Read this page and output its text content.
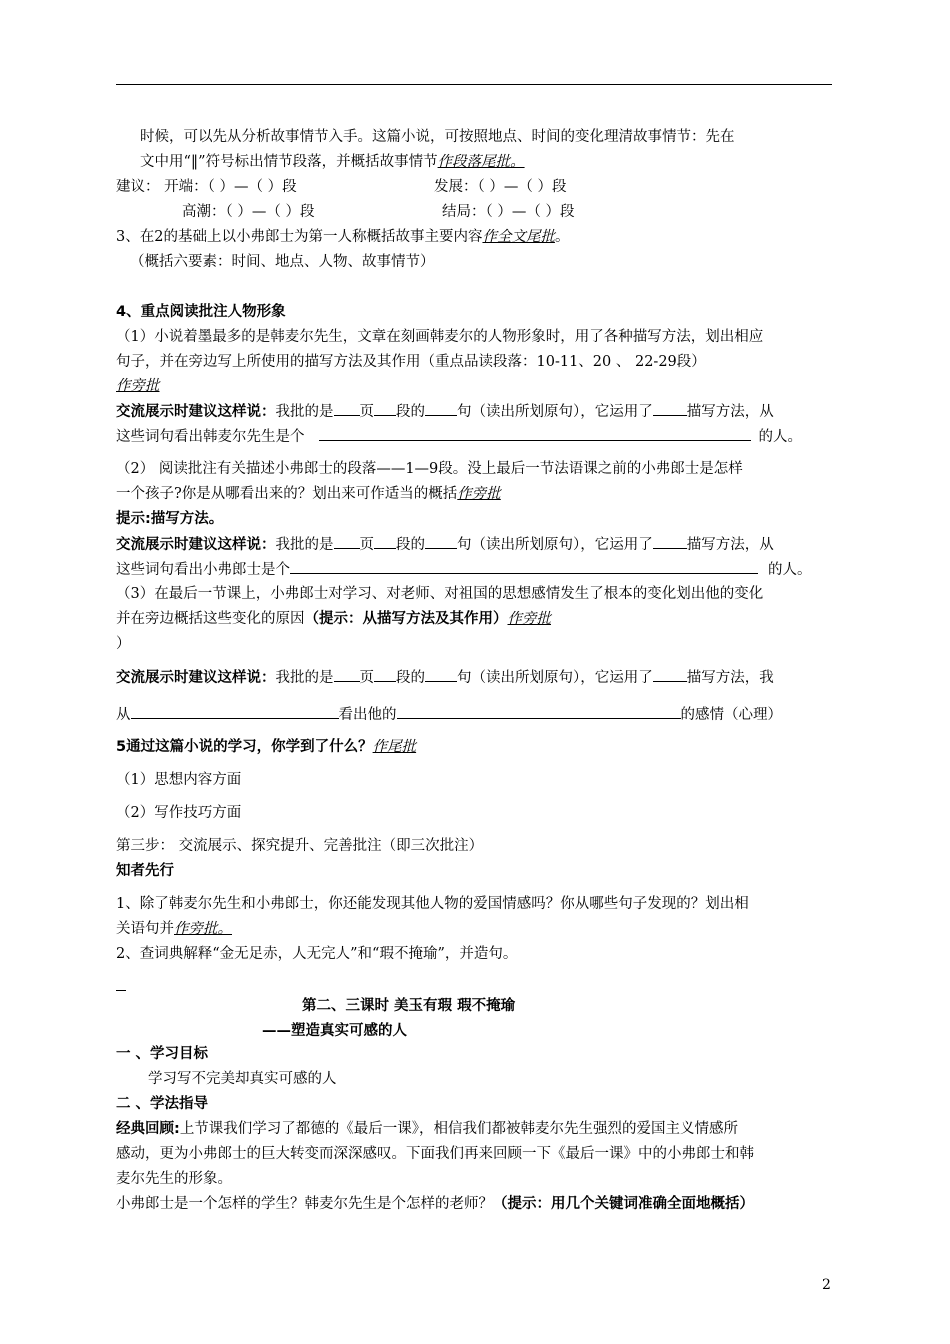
时候，可以先从分析故事情节入手。这篇小说，可按照地点、时间的变化理清故事情节：先在
文中用“‖”符号标出情节段落，并概括故事情节作段落尾批。
建议： 开端：（ ）—（ ）段	发展：（ ）—（ ）段
高潮：（ ）—（ ）段	结局：（ ）—（ ）段
3、在2的基础上以小弗郎士为第一人称概括故事主要内容作全文尾批。
（概括六要素：时间、地点、人物、故事情节）
4、重点阅读批注人物形象
（1）小说着墨最多的是韩麦尔先生，文章在刻画韩麦尔的人物形象时，用了各种描写方法，划出相应
句子，并在旁边写上所使用的描写方法及其作用（重点品读段落：10-11、20 、 22-29段）
作旁批
交流展示时建议这样说：我批的是 页 段的 句（读出所划原句），它运用了 描写方法，从
这些词句看出韩麦尔先生是个	的人。
（2） 阅读批注有关描述小弗郎士的段落——1—9段。没上最后一节法语课之前的小弗郎士是怎样
一个孩子?你是从哪看出来的？划出来可作适当的概括作旁批
提示:描写方法。
交流展示时建议这样说：我批的是 页 段的 句（读出所划原句），它运用了 描写方法，从
这些词句看出小弗郎士是个	的人。
（3）在最后一节课上，小弗郎士对学习、对老师、对祖国的思想感情发生了根本的变化划出他的变化
并在旁边概括这些变化的原因（提示：从描写方法及其作用）作旁批
）
交流展示时建议这样说：我批的是 页 段的 句（读出所划原句），它运用了 描写方法，我
从	看出他的	的感情（心理）
5通过这篇小说的学习，你学到了什么？作尾批
（1）思想内容方面
（2）写作技巧方面
第三步： 交流展示、探究提升、完善批注（即三次批注）
知者先行
1、除了韩麦尔先生和小弗郎士，你还能发现其他人物的爱国情感吗？你从哪些句子发现的？划出相
关语句并作旁批。
2、查词典解释“金无足赤，人无完人”和“瑕不掩瑜”，并造句。
第二、三课时 美玉有瑕 瑕不掩瑜
——塑造真实可感的人
一 、学习目标
学习写不完美却真实可感的人
二 、学法指导
经典回顾:上节课我们学习了都德的《最后一课》，相信我们都被韩麦尔先生强烈的爱国主义情感所
感动，更为小弗郎士的巨大转变而深深感叹。下面我们再来回顾一下《最后一课》中的小弗郎士和韩
麦尔先生的形象。
小弗郎士是一个怎样的学生？韩麦尔先生是个怎样的老师？（提示：用几个关键词准确全面地概括）
2
